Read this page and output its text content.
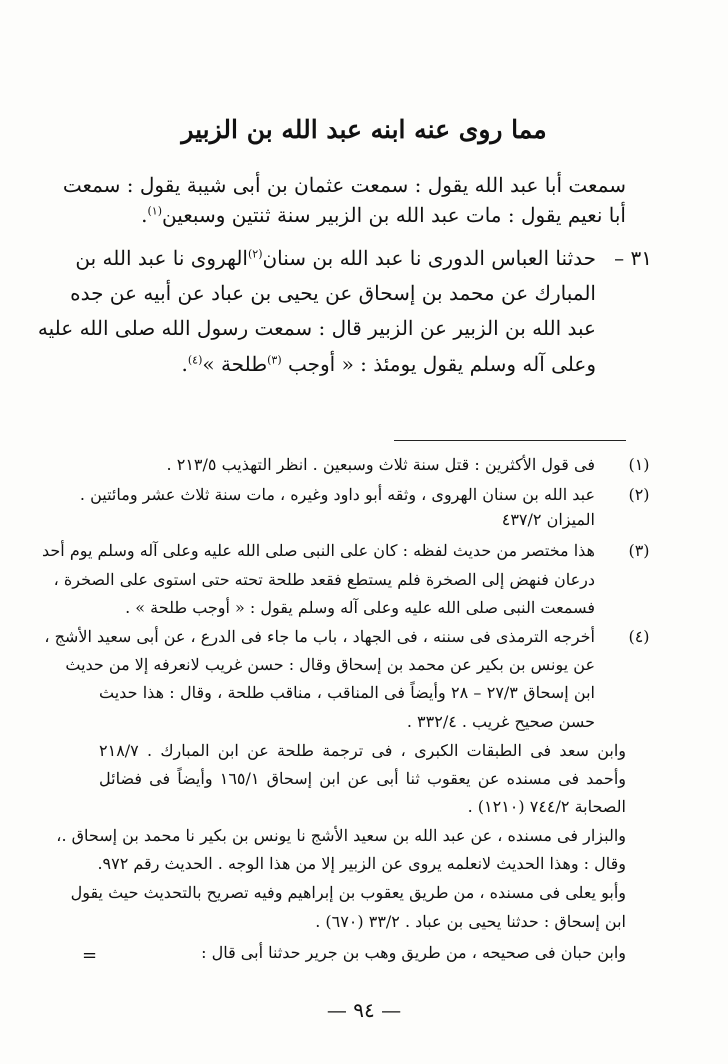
مما روى عنه ابنه عبد الله بن الزبير
سمعت أبا عبد الله يقول : سمعت عثمان بن أبى شيبة يقول : سمعت
أبا نعيم يقول : مات عبد الله بن الزبير سنة ثنتين وسبعين$^{(١)}$.
٣١ –
حدثنا العباس الدورى نا عبد الله بن سنان$^{(٢)}$الهروى نا عبد الله بن
المبارك عن محمد بن إسحاق عن يحيى بن عباد عن أبيه عن جده
عبد الله بن الزبير عن الزبير قال : سمعت رسول الله صلى الله عليه
وعلى آله وسلم يقول يومئذ : « أوجب $^{(٣)}$طلحة »$^{(٤)}$.
(١)
فى قول الأكثرين : قتل سنة ثلاث وسبعين . انظر التهذيب ٢١٣/٥ .
(٢)
عبد الله بن سنان الهروى ، وثقه أبو داود وغيره ، مات سنة ثلاث عشر ومائتين .
الميزان ٤٣٧/٢
(٣)
هذا مختصر من حديث لفظه : كان على النبى صلى الله عليه وعلى آله وسلم يوم أحد
درعان فنهض إلى الصخرة فلم يستطع فقعد طلحة تحته حتى استوى على الصخرة ،
فسمعت النبى صلى الله عليه وعلى آله وسلم يقول : « أوجب طلحة » .
(٤)
أخرجه الترمذى فى سننه ، فى الجهاد ، باب ما جاء فى الدرع ، عن أبى سعيد الأشج ،
عن يونس بن بكير عن محمد بن إسحاق وقال : حسن غريب لانعرفه إلا من حديث
ابن إسحاق ٢٧/٣ – ٢٨ وأيضاً فى المناقب ، مناقب طلحة ، وقال : هذا حديث
حسن صحيح غريب . ٣٣٢/٤ .
وابن سعد فى الطبقات الكبرى ، فى ترجمة طلحة عن ابن المبارك . ٢١٨/٧
وأحمد فى مسنده عن يعقوب ثنا أبى عن ابن إسحاق ١٦٥/١ وأيضاً فى فضائل
الصحابة ٧٤٤/٢ (١٢١٠) .
والبزار فى مسنده ، عن عبد الله بن سعيد الأشج نا يونس بن بكير نا محمد بن إسحاق .،
وقال : وهذا الحديث لانعلمه يروى عن الزبير إلا من هذا الوجه . الحديث رقم ٩٧٢.
وأبو يعلى فى مسنده ، من طريق يعقوب بن إبراهيم وفيه تصريح بالتحديث حيث يقول
ابن إسحاق : حدثنا يحيى بن عباد . ٣٣/٢ (٦٧٠) .
وابن حبان فى صحيحه ، من طريق وهب بن جرير حدثنا أبى قال :
=
— ٩٤ —
